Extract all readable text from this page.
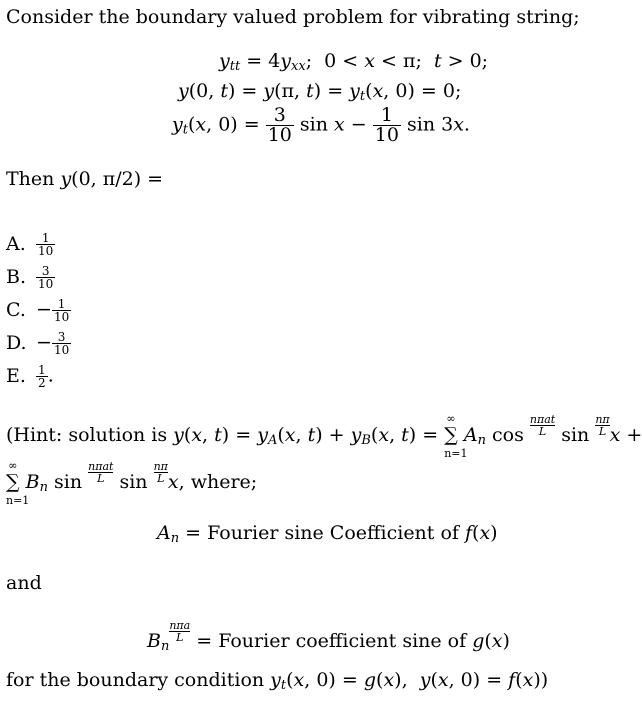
Consider the boundary valued problem for vibrating string;
$y_{tt} = 4y_{xx}$;  0 < x < π;  t > 0;
y(0, t) = y(π, $t) = y_t(x$, 0) = 0;
$y_t(x$, $0) = \frac{3}{10}$ $\sin x - \frac{1}{10}$ sin 3x.
Then y(0, π/2) =
A. $\frac{1}{10}$
B. $\frac{3}{10}$
C. − $\frac{1}{10}$
D. − $\frac{3}{10}$
E. $\frac{1}{2}$ .
(Hint: solution is y(x, $t) = y_A(x$, $t) + y_B(x$, t) =
∞
∑
n=1
$A_n$ $\cos \frac{\text{nπat}}{L}$ $\sin \frac{n\pi}{L}$ x +
∞
∑
n=1
$B_n$ $\sin \frac{\text{nπat}}{L}$ $\sin \frac{n\pi}{L} x$, where;
$A_n$ = Fourier sine Coefficient of f(x)
and
$B_n$
$\frac{\text{nπa}}{L}$ = Fourier coefficient sine of g(x)
for the boundary condition $y_t(x$, 0) = g(x),  y(x, 0) = f(x))
